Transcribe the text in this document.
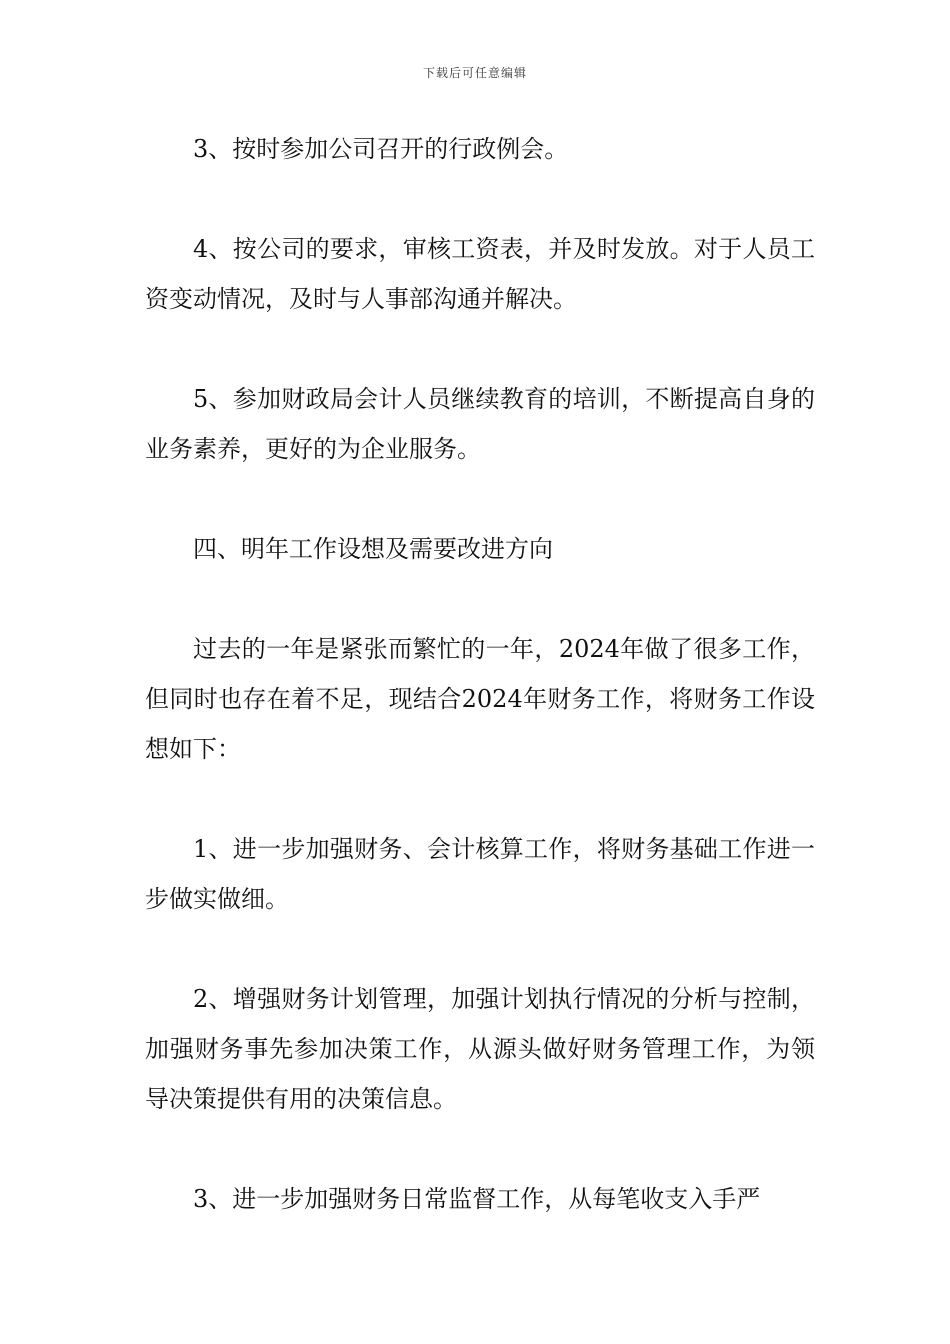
下载后可任意编辑

3、按时参加公司召开的行政例会。

4、按公司的要求，审核工资表，并及时发放。对于人员工资变动情况，及时与人事部沟通并解决。

5、参加财政局会计人员继续教育的培训，不断提高自身的业务素养，更好的为企业服务。

四、明年工作设想及需要改进方向

过去的一年是紧张而繁忙的一年，2024年做了很多工作，但同时也存在着不足，现结合2024年财务工作，将财务工作设想如下：

1、进一步加强财务、会计核算工作，将财务基础工作进一步做实做细。

2、增强财务计划管理，加强计划执行情况的分析与控制，加强财务事先参加决策工作，从源头做好财务管理工作，为领导决策提供有用的决策信息。

3、进一步加强财务日常监督工作，从每笔收支入手严
